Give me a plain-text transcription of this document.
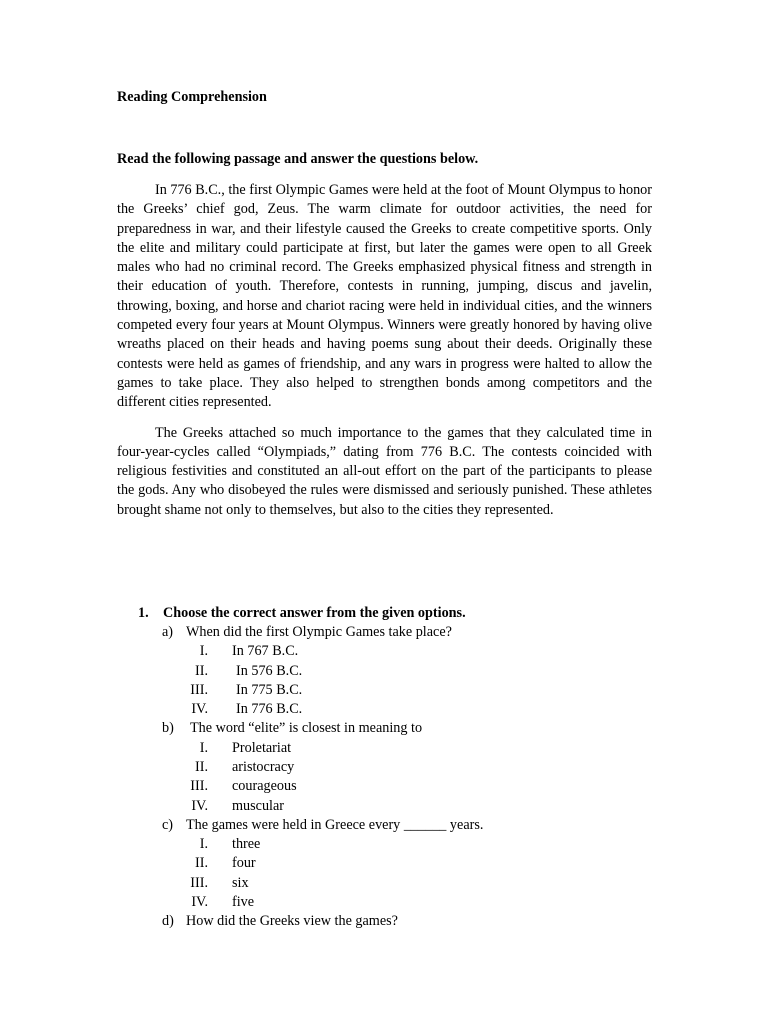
Reading Comprehension
Read the following passage and answer the questions below.

In 776 B.C., the first Olympic Games were held at the foot of Mount Olympus to honor the Greeks’ chief god, Zeus. The warm climate for outdoor activities, the need for preparedness in war, and their lifestyle caused the Greeks to create competitive sports. Only the elite and military could participate at first, but later the games were open to all Greek males who had no criminal record. The Greeks emphasized physical fitness and strength in their education of youth. Therefore, contests in running, jumping, discus and javelin, throwing, boxing, and horse and chariot racing were held in individual cities, and the winners competed every four years at Mount Olympus. Winners were greatly honored by having olive wreaths placed on their heads and having poems sung about their deeds. Originally these contests were held as games of friendship, and any wars in progress were halted to allow the games to take place. They also helped to strengthen bonds among competitors and the different cities represented.

The Greeks attached so much importance to the games that they calculated time in four-year-cycles called “Olympiads,” dating from 776 B.C. The contests coincided with religious festivities and constituted an all-out effort on the part of the participants to please the gods. Any who disobeyed the rules were dismissed and seriously punished. These athletes brought shame not only to themselves, but also to the cities they represented.

1. Choose the correct answer from the given options.
a) When did the first Olympic Games take place?
I. In 767 B.C.
II. In 576 B.C.
III. In 775 B.C.
IV. In 776 B.C.
b) The word “elite” is closest in meaning to
I. Proletariat
II. aristocracy
III. courageous
IV. muscular
c) The games were held in Greece every ______ years.
I. three
II. four
III. six
IV. five
d) How did the Greeks view the games?
